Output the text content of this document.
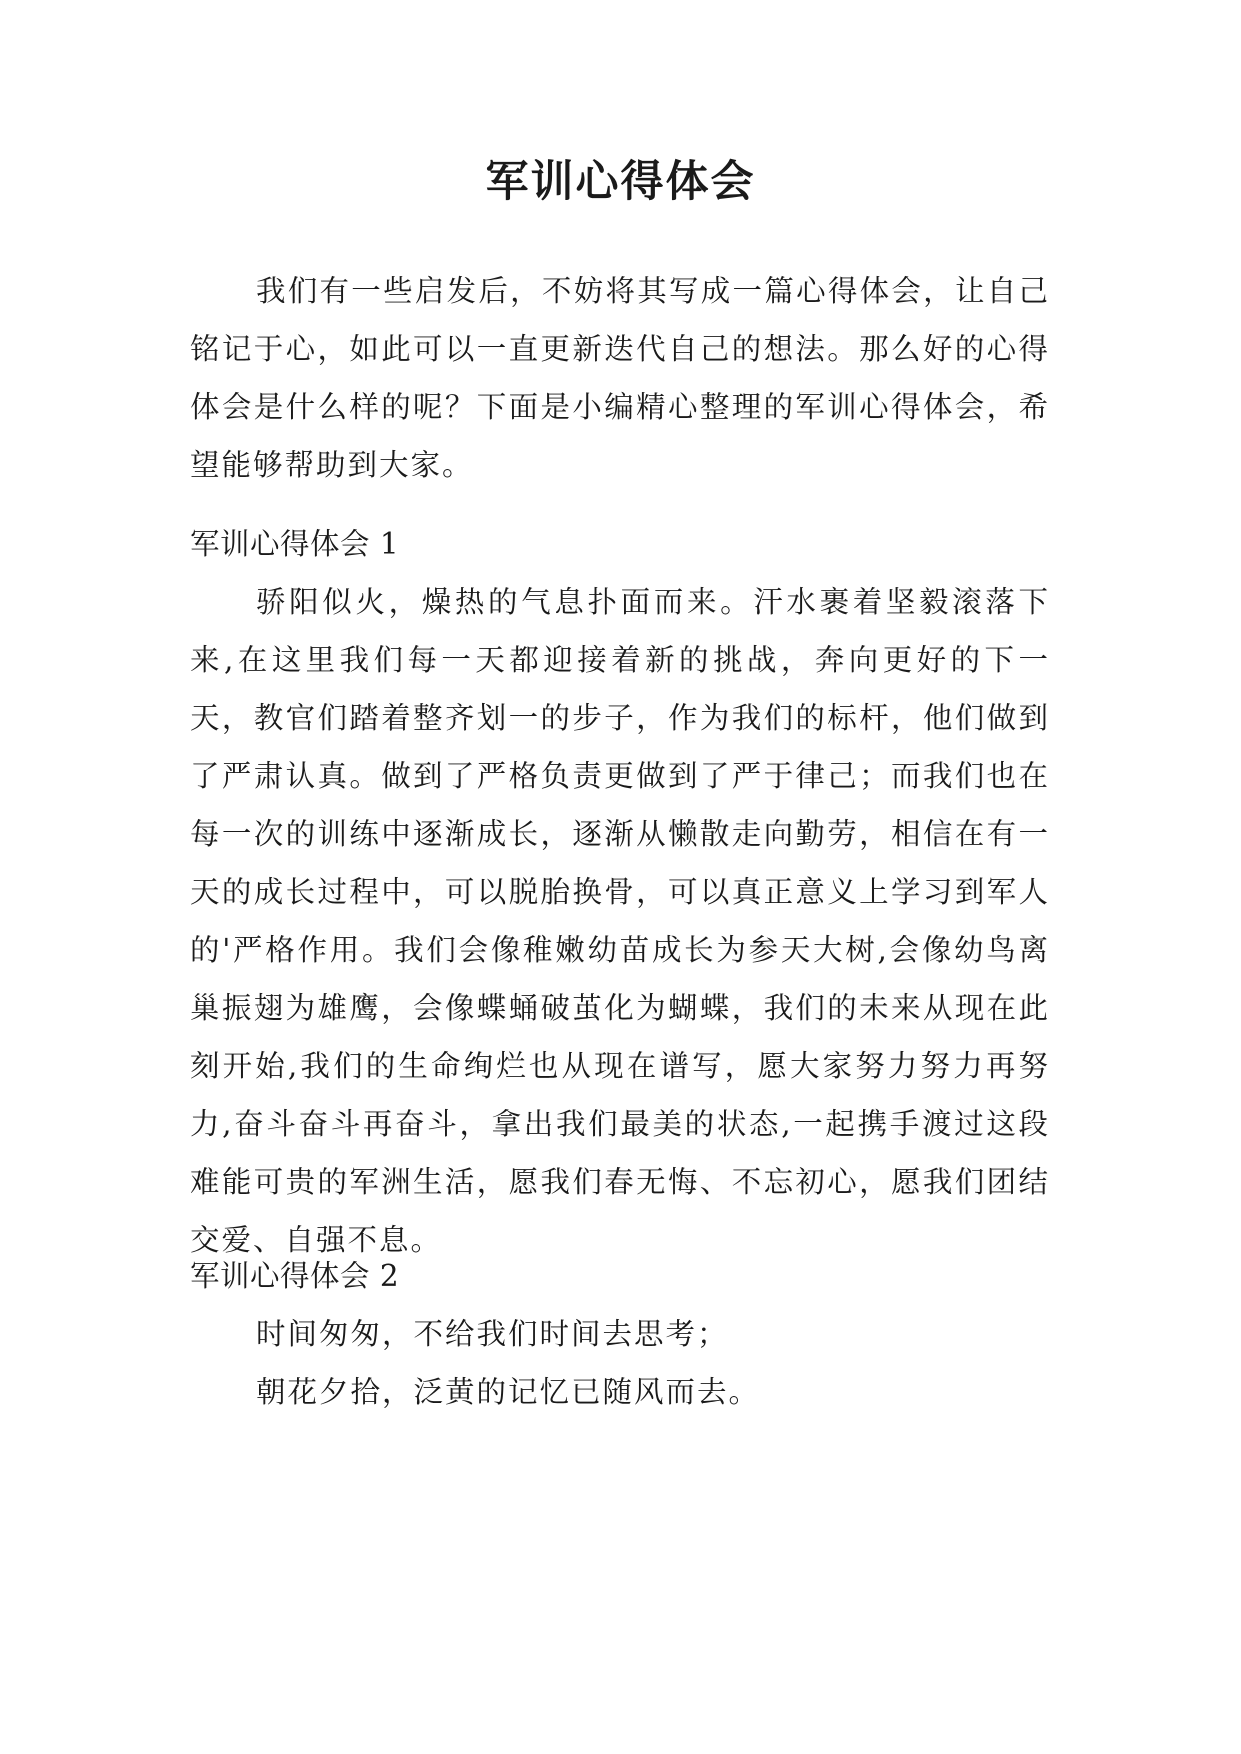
军训心得体会

我们有一些启发后，不妨将其写成一篇心得体会，让自己铭记于心，如此可以一直更新迭代自己的想法。那么好的心得体会是什么样的呢？下面是小编精心整理的军训心得体会，希望能够帮助到大家。

军训心得体会 1

骄阳似火，燥热的气息扑面而来。汗水裹着坚毅滚落下来,在这里我们每一天都迎接着新的挑战，奔向更好的下一天，教官们踏着整齐划一的步子，作为我们的标杆，他们做到了严肃认真。做到了严格负责更做到了严于律己；而我们也在每一次的训练中逐渐成长，逐渐从懒散走向勤劳，相信在有一天的成长过程中，可以脱胎换骨，可以真正意义上学习到军人的'严格作用。我们会像稚嫩幼苗成长为参天大树,会像幼鸟离巢振翅为雄鹰，会像蝶蛹破茧化为蝴蝶，我们的未来从现在此刻开始,我们的生命绚烂也从现在谱写，愿大家努力努力再努力,奋斗奋斗再奋斗，拿出我们最美的状态,一起携手渡过这段难能可贵的军洲生活，愿我们春无悔、不忘初心，愿我们团结交爱、自强不息。

军训心得体会 2

时间匆匆，不给我们时间去思考；

朝花夕拾，泛黄的记忆已随风而去。
